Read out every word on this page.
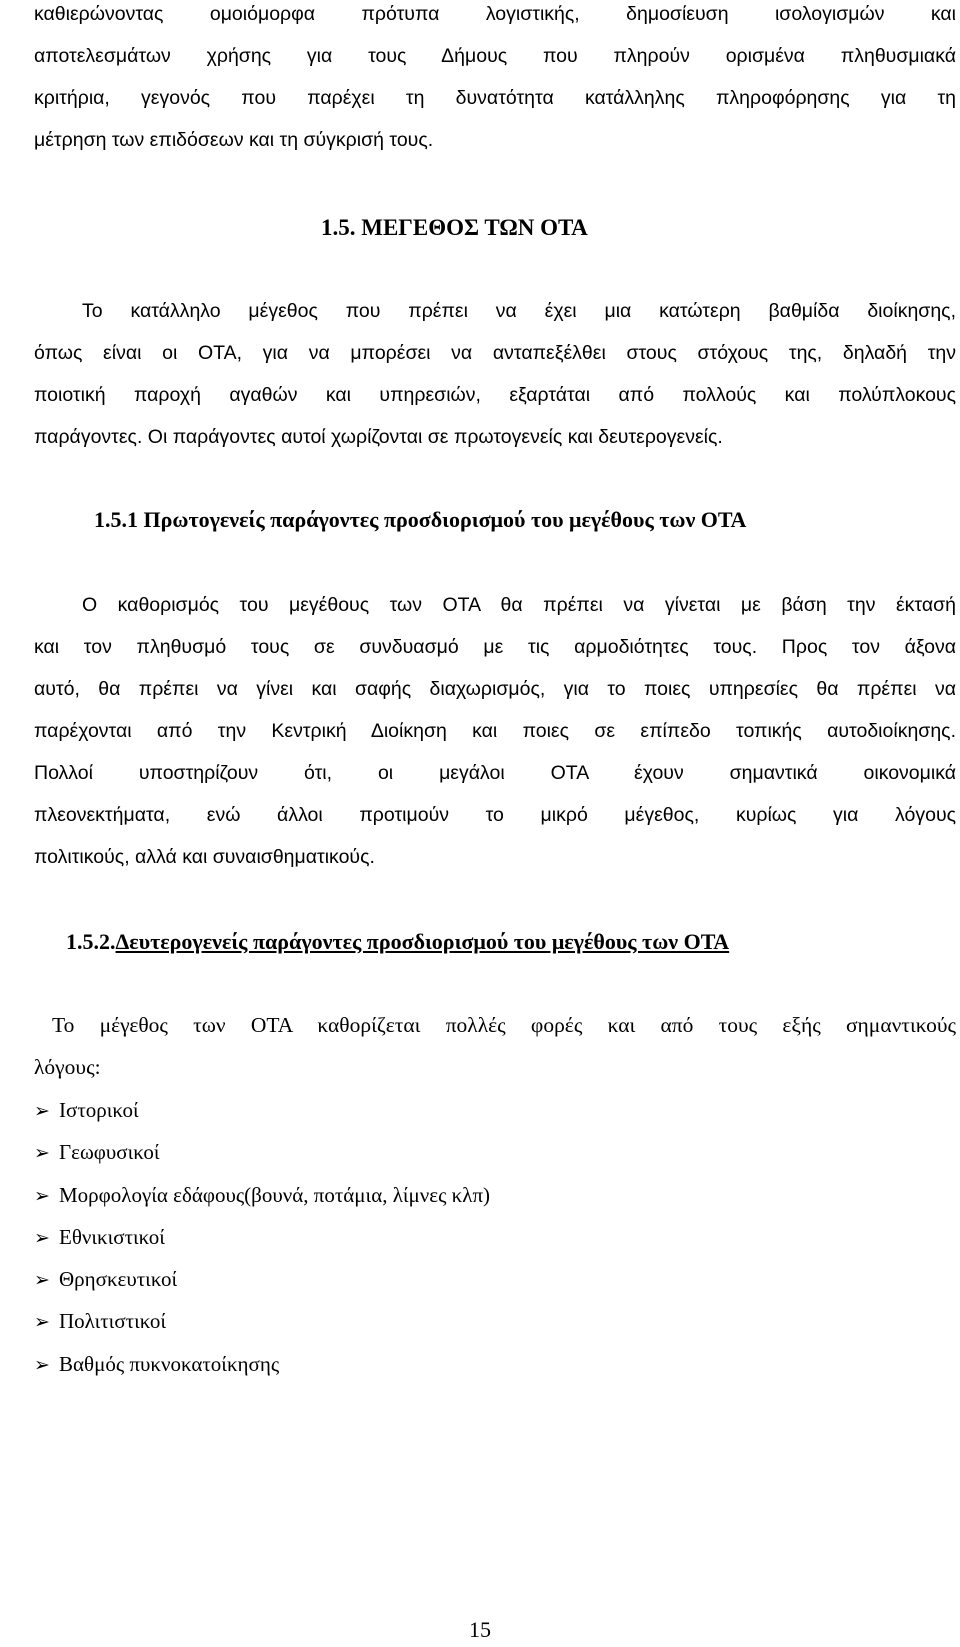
καθιερώνοντας ομοιόμορφα πρότυπα λογιστικής, δημοσίευση ισολογισμών και
αποτελεσμάτων χρήσης για τους Δήμους που πληρούν ορισμένα πληθυσμιακά
κριτήρια, γεγονός που παρέχει τη δυνατότητα κατάλληλης πληροφόρησης για τη
μέτρηση των επιδόσεων και τη σύγκρισή τους.
1.5. ΜΕΓΕΘΟΣ ΤΩΝ ΟΤΑ
Το κατάλληλο μέγεθος που πρέπει να έχει μια κατώτερη βαθμίδα διοίκησης,
όπως είναι οι ΟΤΑ, για να μπορέσει να ανταπεξέλθει στους στόχους της, δηλαδή την
ποιοτική παροχή αγαθών και υπηρεσιών, εξαρτάται από πολλούς και πολύπλοκους
παράγοντες. Οι παράγοντες αυτοί χωρίζονται σε πρωτογενείς και δευτερογενείς.
1.5.1 Πρωτογενείς παράγοντες προσδιορισμού του μεγέθους των ΟΤΑ
Ο καθορισμός του μεγέθους των ΟΤΑ θα πρέπει να γίνεται με βάση την έκτασή
και τον πληθυσμό τους σε συνδυασμό με τις αρμοδιότητες τους. Προς τον άξονα
αυτό, θα πρέπει να γίνει και σαφής διαχωρισμός, για το ποιες υπηρεσίες θα πρέπει να
παρέχονται από την Κεντρική Διοίκηση και ποιες σε επίπεδο τοπικής αυτοδιοίκησης.
Πολλοί υποστηρίζουν ότι, οι μεγάλοι ΟΤΑ έχουν σημαντικά οικονομικά
πλεονεκτήματα, ενώ άλλοι προτιμούν το μικρό μέγεθος, κυρίως για λόγους
πολιτικούς, αλλά και συναισθηματικούς.
1.5.2.Δευτερογενείς παράγοντες προσδιορισμού του μεγέθους των ΟΤΑ
Το μέγεθος των ΟΤΑ καθορίζεται πολλές φορές και από τους εξής σημαντικούς
λόγους:
➢ Ιστορικοί
➢ Γεωφυσικοί
➢ Μορφολογία εδάφους(βουνά, ποτάμια, λίμνες κλπ)
➢ Εθνικιστικοί
➢ Θρησκευτικοί
➢ Πολιτιστικοί
➢ Βαθμός πυκνοκατοίκησης
15
